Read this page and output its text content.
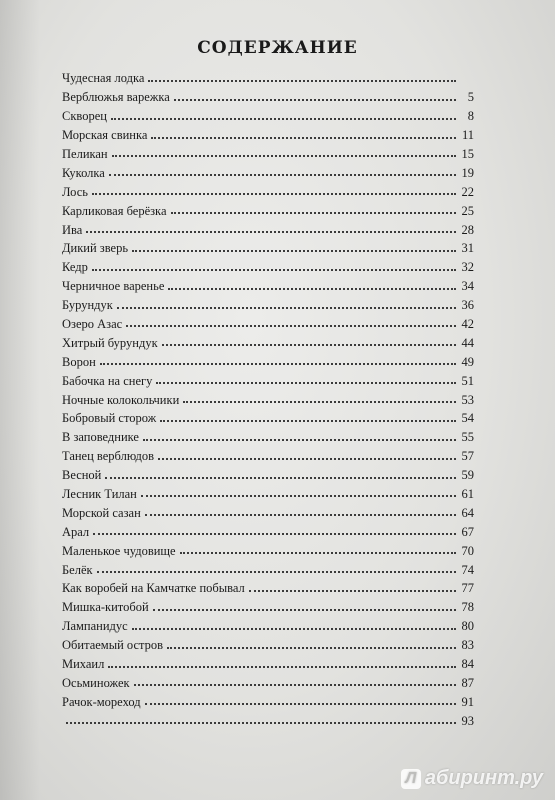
СОДЕРЖАНИЕ
Чудесная лодка
Верблюжья варежка	5
Скворец	8
Морская свинка	11
Пеликан	15
Куколка	19
Лось	22
Карликовая берёзка	25
Ива	28
Дикий зверь	31
Кедр	32
Черничное варенье	34
Бурундук	36
Озеро Азас	42
Хитрый бурундук	44
Ворон	49
Бабочка на снегу	51
Ночные колокольчики	53
Бобровый сторож	54
В заповеднике	55
Танец верблюдов	57
Весной	59
Лесник Тилан	61
Морской сазан	64
Арал	67
Маленькое чудовище	70
Белёк	74
Как воробей на Камчатке побывал	77
Мишка-китобой	78
Лампанидус	80
Обитаемый остров	83
Михаил	84
Осьминожек	87
Рачок-мореход	91
93
Л абиринт.ру
